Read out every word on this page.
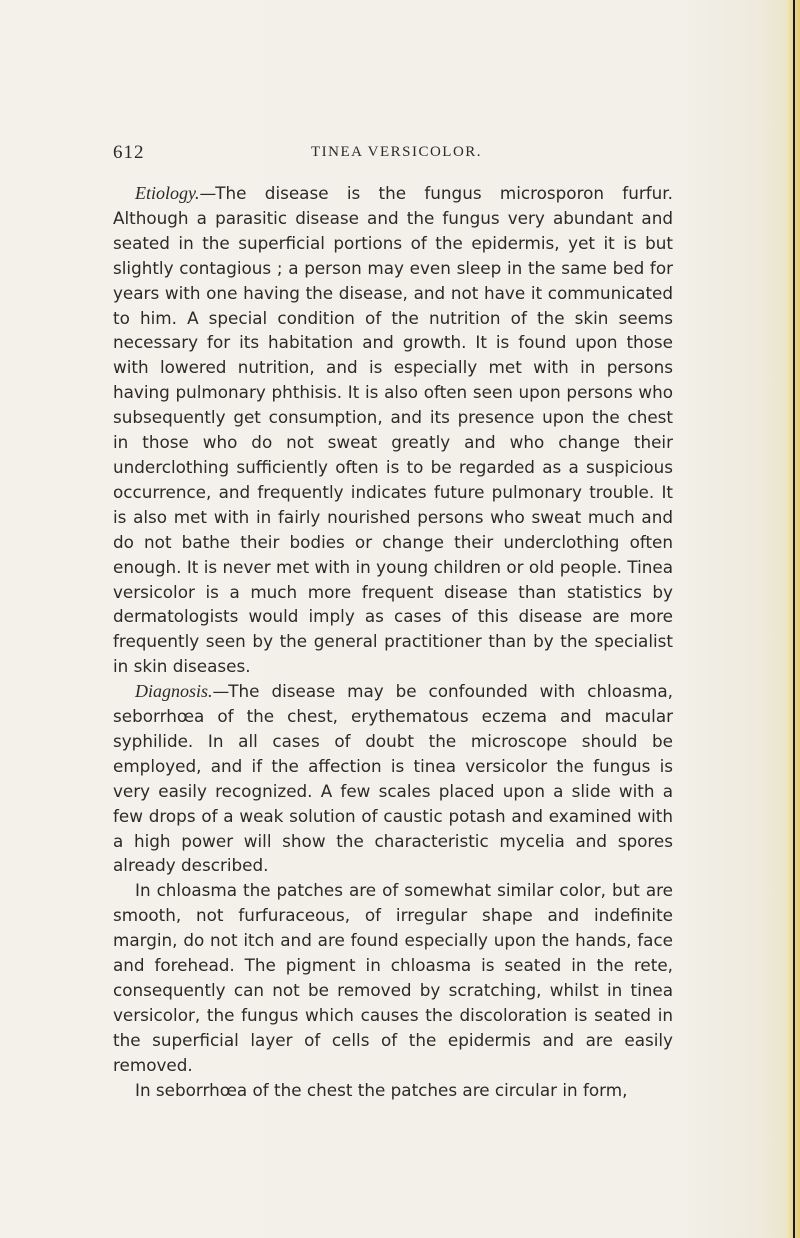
612	TINEA VERSICOLOR.

Etiology.—The disease is the fungus microsporon furfur. Although a parasitic disease and the fungus very abundant and seated in the superficial portions of the epidermis, yet it is but slightly contagious ; a person may even sleep in the same bed for years with one having the disease, and not have it communicated to him. A special condition of the nutrition of the skin seems necessary for its habitation and growth. It is found upon those with lowered nutrition, and is especially met with in persons having pulmonary phthisis. It is also often seen upon persons who subsequently get consumption, and its presence upon the chest in those who do not sweat greatly and who change their underclothing sufficiently often is to be regarded as a suspicious occurrence, and frequently indicates future pulmonary trouble. It is also met with in fairly nourished persons who sweat much and do not bathe their bodies or change their underclothing often enough. It is never met with in young children or old people. Tinea versicolor is a much more frequent disease than statistics by dermatologists would imply as cases of this disease are more frequently seen by the general practitioner than by the specialist in skin diseases.

Diagnosis.—The disease may be confounded with chloasma, seborrhœa of the chest, erythematous eczema and macular syphilide. In all cases of doubt the microscope should be employed, and if the affection is tinea versicolor the fungus is very easily recognized. A few scales placed upon a slide with a few drops of a weak solution of caustic potash and examined with a high power will show the characteristic mycelia and spores already described.

In chloasma the patches are of somewhat similar color, but are smooth, not furfuraceous, of irregular shape and indefinite margin, do not itch and are found especially upon the hands, face and forehead. The pigment in chloasma is seated in the rete, consequently can not be removed by scratching, whilst in tinea versicolor, the fungus which causes the discoloration is seated in the superficial layer of cells of the epidermis and are easily removed.

In seborrhœa of the chest the patches are circular in form,
